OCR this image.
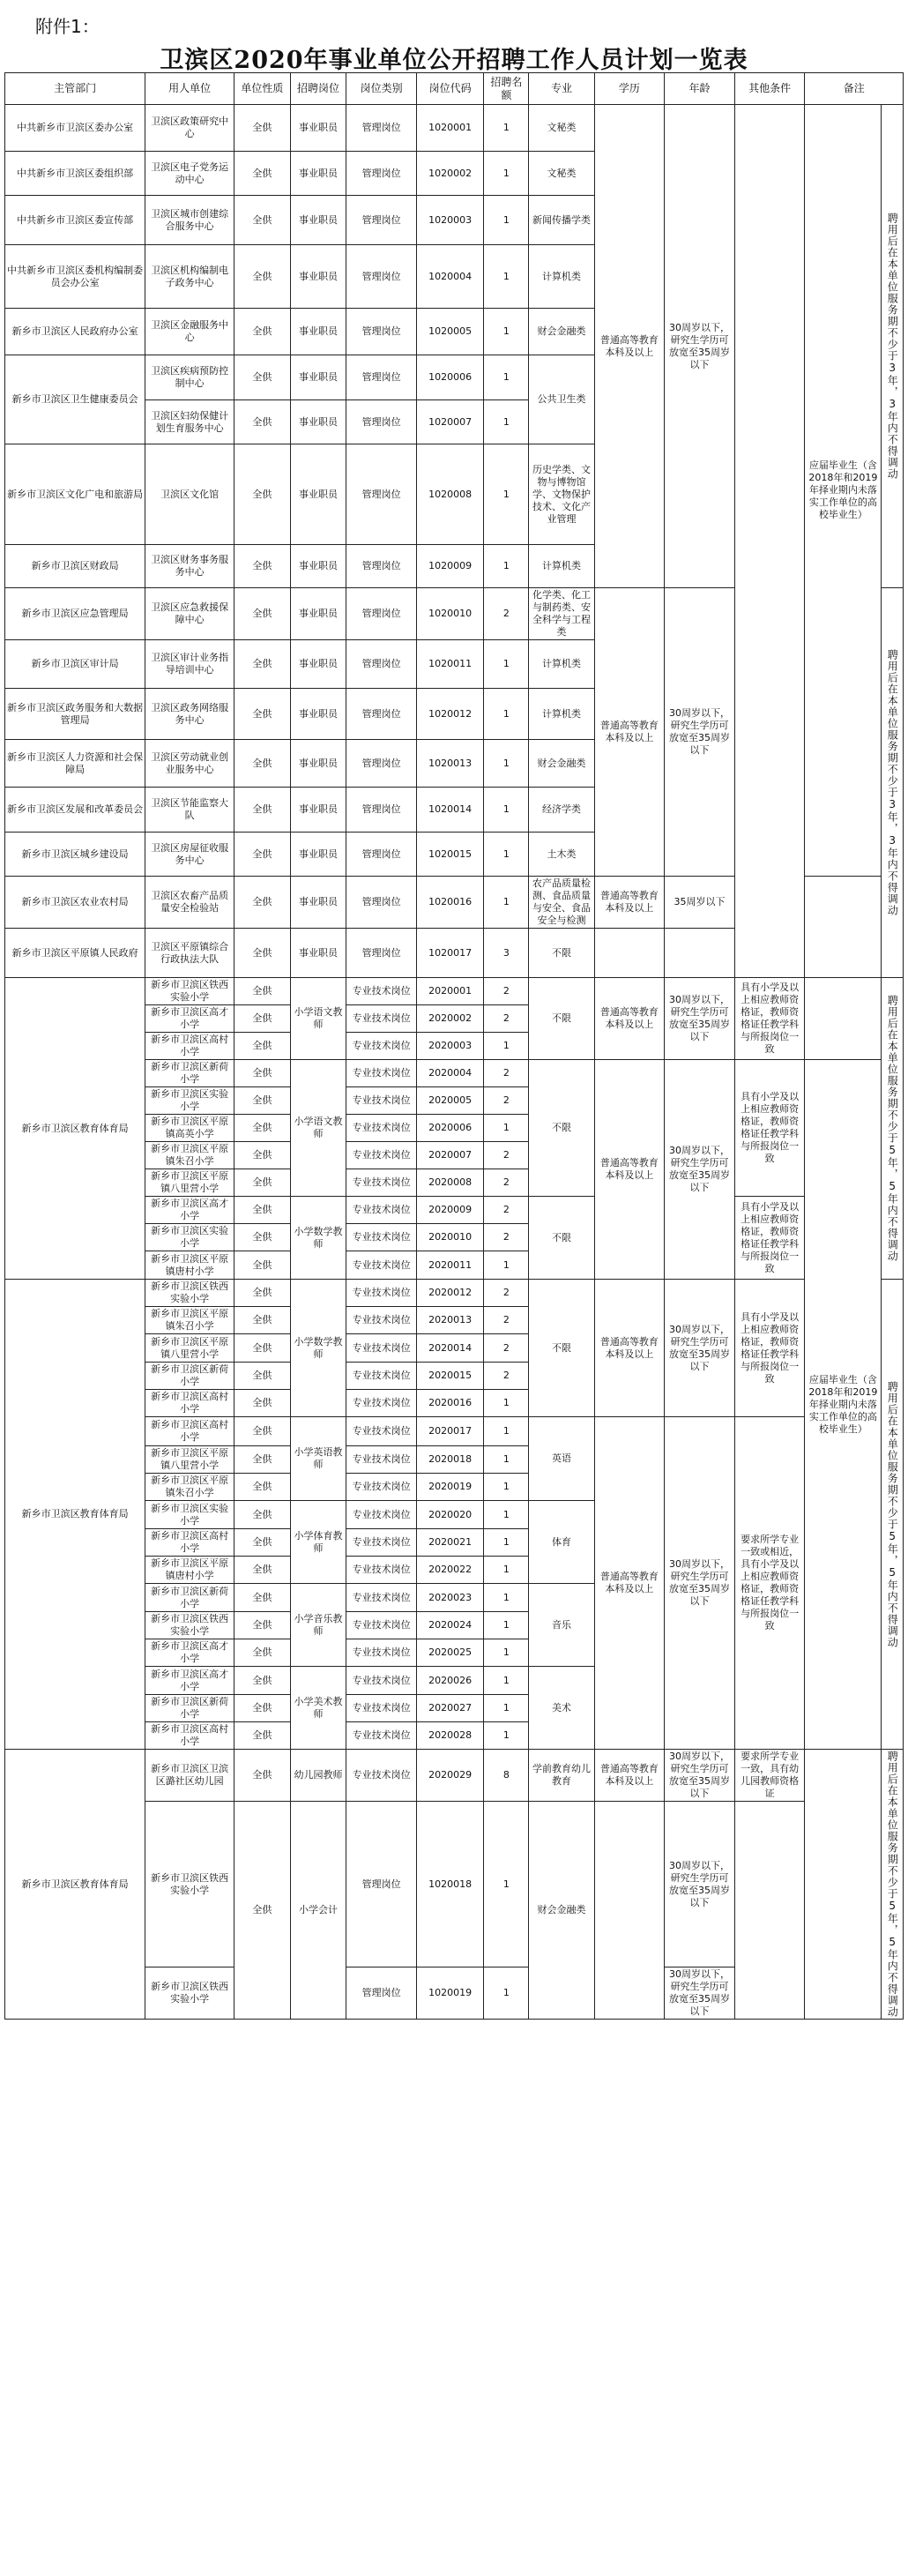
附件1：
卫滨区2020年事业单位公开招聘工作人员计划一览表
主管部门	用人单位	单位性质	招聘岗位	岗位类别	岗位代码	招聘名额	专业	学历	年龄	其他条件	备注	
中共新乡市卫滨区委办公室	卫滨区政策研究中心	全供	事业职员	管理岗位	1020001	1	文秘类	普通高等教育本科及以上	30周岁以下，研究生学历可放宽至35周岁以下		应届毕业生（含2018年和2019年择业期内未落实工作单位的高校毕业生）	聘用后在本单位服务期不少于3年，3年内不得调动

中共新乡市卫滨区委组织部	卫滨区电子党务运动中心	全供	事业职员	管理岗位	1020002	1	文秘类					
中共新乡市卫滨区委宣传部	卫滨区城市创建综合服务中心	全供	事业职员	管理岗位	1020003	1	新闻传播学类					
中共新乡市卫滨区委机构编制委员会办公室	卫滨区机构编制电子政务中心	全供	事业职员	管理岗位	1020004	1	计算机类					
新乡市卫滨区人民政府办公室	卫滨区金融服务中心	全供	事业职员	管理岗位	1020005	1	财会金融类					
新乡市卫滨区卫生健康委员会	卫滨区疾病预防控制中心	全供	事业职员	管理岗位	1020006	1	公共卫生类					
	卫滨区妇幼保健计划生育服务中心	全供	事业职员	管理岗位	1020007	1						
新乡市卫滨区文化广电和旅游局	卫滨区文化馆	全供	事业职员	管理岗位	1020008	1	历史学类、文物与博物馆学、文物保护技术、文化产业管理					
新乡市卫滨区财政局	卫滨区财务事务服务中心	全供	事业职员	管理岗位	1020009	1	计算机类					
新乡市卫滨区应急管理局	卫滨区应急救援保障中心	全供	事业职员	管理岗位	1020010	2	化学类、化工与制药类、安全科学与工程类	普通高等教育本科及以上	30周岁以下，研究生学历可放宽至35周岁以下			聘用后在本单位服务期不少于3年，3年内不得调动

新乡市卫滨区审计局	卫滨区审计业务指导培训中心	全供	事业职员	管理岗位	1020011	1	计算机类					
新乡市卫滨区政务服务和大数据管理局	卫滨区政务网络服务中心	全供	事业职员	管理岗位	1020012	1	计算机类					
新乡市卫滨区人力资源和社会保障局	卫滨区劳动就业创业服务中心	全供	事业职员	管理岗位	1020013	1	财会金融类					
新乡市卫滨区发展和改革委员会	卫滨区节能监察大队	全供	事业职员	管理岗位	1020014	1	经济学类					
新乡市卫滨区城乡建设局	卫滨区房屋征收服务中心	全供	事业职员	管理岗位	1020015	1	土木类					
新乡市卫滨区农业农村局	卫滨区农畜产品质量安全检验站	全供	事业职员	管理岗位	1020016	1	农产品质量检测、食品质量与安全、食品安全与检测	普通高等教育本科及以上	35周岁以下			
新乡市卫滨区平原镇人民政府	卫滨区平原镇综合行政执法大队	全供	事业职员	管理岗位	1020017	3	不限					
新乡市卫滨区教育体育局	新乡市卫滨区铁西实验小学	全供	小学语文教师	专业技术岗位	2020001	2	不限	普通高等教育本科及以上	30周岁以下，研究生学历可放宽至35周岁以下	具有小学及以上相应教师资格证，教师资格证任教学科与所报岗位一致		聘用后在本单位服务期不少于5年，5年内不得调动

	新乡市卫滨区高才小学	全供		专业技术岗位	2020002	2						
	新乡市卫滨区高村小学	全供		专业技术岗位	2020003	1						
	新乡市卫滨区新荷小学	全供	小学语文教师	专业技术岗位	2020004	2	不限	普通高等教育本科及以上	30周岁以下，研究生学历可放宽至35周岁以下	具有小学及以上相应教师资格证，教师资格证任教学科与所报岗位一致	应届毕业生（含2018年和2019年择业期内未落实工作单位的高校毕业生）	
	新乡市卫滨区实验小学	全供		专业技术岗位	2020005	2						
	新乡市卫滨区平原镇高英小学	全供		专业技术岗位	2020006	1						
	新乡市卫滨区平原镇朱召小学	全供		专业技术岗位	2020007	2						
	新乡市卫滨区平原镇八里营小学	全供		专业技术岗位	2020008	2						
	新乡市卫滨区高才小学	全供	小学数学教师	专业技术岗位	2020009	2	不限			具有小学及以上相应教师资格证，教师资格证任教学科与所报岗位一致		
	新乡市卫滨区实验小学	全供		专业技术岗位	2020010	2						
	新乡市卫滨区平原镇唐村小学	全供		专业技术岗位	2020011	1						
新乡市卫滨区教育体育局	新乡市卫滨区铁西实验小学	全供	小学数学教师	专业技术岗位	2020012	2	不限	普通高等教育本科及以上	30周岁以下，研究生学历可放宽至35周岁以下	具有小学及以上相应教师资格证，教师资格证任教学科与所报岗位一致		聘用后在本单位服务期不少于5年，5年内不得调动

	新乡市卫滨区平原镇朱召小学	全供		专业技术岗位	2020013	2						
	新乡市卫滨区平原镇八里营小学	全供		专业技术岗位	2020014	2						
	新乡市卫滨区新荷小学	全供		专业技术岗位	2020015	2						
	新乡市卫滨区高村小学	全供		专业技术岗位	2020016	1						
	新乡市卫滨区高村小学	全供	小学英语教师	专业技术岗位	2020017	1	英语	普通高等教育本科及以上	30周岁以下，研究生学历可放宽至35周岁以下	要求所学专业一致或相近，具有小学及以上相应教师资格证，教师资格证任教学科与所报岗位一致		
	新乡市卫滨区平原镇八里营小学	全供		专业技术岗位	2020018	1						
	新乡市卫滨区平原镇朱召小学	全供		专业技术岗位	2020019	1						
	新乡市卫滨区实验小学	全供	小学体育教师	专业技术岗位	2020020	1	体育					
	新乡市卫滨区高村小学	全供		专业技术岗位	2020021	1						
	新乡市卫滨区平原镇唐村小学	全供		专业技术岗位	2020022	1						
	新乡市卫滨区新荷小学	全供	小学音乐教师	专业技术岗位	2020023	1	音乐					
	新乡市卫滨区铁西实验小学	全供		专业技术岗位	2020024	1						
	新乡市卫滨区高才小学	全供		专业技术岗位	2020025	1						
	新乡市卫滨区高才小学	全供	小学美术教师	专业技术岗位	2020026	1	美术					
	新乡市卫滨区新荷小学	全供		专业技术岗位	2020027	1						
	新乡市卫滨区高村小学	全供		专业技术岗位	2020028	1						
新乡市卫滨区教育体育局	新乡市卫滨区卫滨区潞社区幼儿园	全供	幼儿园教师	专业技术岗位	2020029	8	学前教育幼儿教育	普通高等教育本科及以上	30周岁以下，研究生学历可放宽至35周岁以下	要求所学专业一致，具有幼儿园教师资格证		聘用后在本单位服务期不少于5年，5年内不得调动

	新乡市卫滨区铁西实验小学	全供	小学会计	管理岗位	1020018	1	财会金融类		30周岁以下，研究生学历可放宽至35周岁以下			
	新乡市卫滨区铁西实验小学			管理岗位	1020019	1			30周岁以下，研究生学历可放宽至35周岁以下			
